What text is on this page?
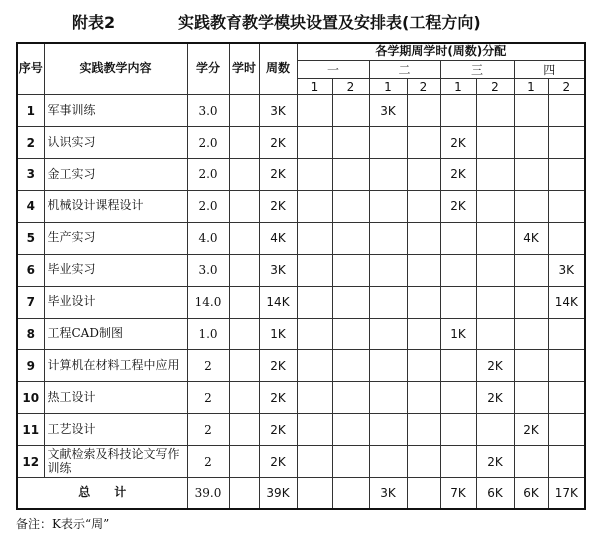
附表2	实践教育教学模块设置及安排表(工程方向)
序号	实践教学内容	学分	学时	周数	各学期周学时(周数)分配							
					一		二		三		四	
					1	2	1	2	1	2	1	2
1	军事训练	3.0		3K			3K					
2	认识实习	2.0		2K					2K			
3	金工实习	2.0		2K					2K			
4	机械设计课程设计	2.0		2K					2K			
5	生产实习	4.0		4K							4K	
6	毕业实习	3.0		3K								3K
7	毕业设计	14.0		14K								14K
8	工程CAD制图	1.0		1K					1K			
9	计算机在材料工程中应用	2		2K						2K		
10	热工设计	2		2K						2K		
11	工艺设计	2		2K							2K	
12	文献检索及科技论文写作训练	2		2K						2K		
总　　计		39.0		39K			3K		7K	6K	6K	17K
备注：K表示“周”
